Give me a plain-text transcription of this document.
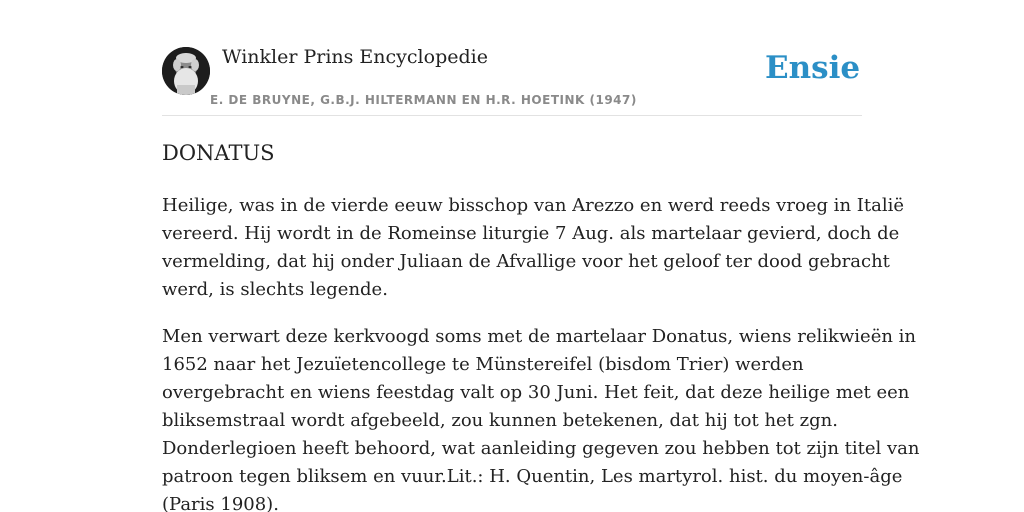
Winkler Prins Encyclopedie
E. DE BRUYNE, G.B.J. HILTERMANN EN H.R. HOETINK (1947)
Ensie
DONATUS

Heilige, was in de vierde eeuw bisschop van Arezzo en werd reeds vroeg in Italië
vereerd. Hij wordt in de Romeinse liturgie 7 Aug. als martelaar gevierd, doch de
vermelding, dat hij onder Juliaan de Afvallige voor het geloof ter dood gebracht
werd, is slechts legende.

Men verwart deze kerkvoogd soms met de martelaar Donatus, wiens relikwieën in
1652 naar het Jezuïetencollege te Münstereifel (bisdom Trier) werden
overgebracht en wiens feestdag valt op 30 Juni. Het feit, dat deze heilige met een
bliksemstraal wordt afgebeeld, zou kunnen betekenen, dat hij tot het zgn.
Donderlegioen heeft behoord, wat aanleiding gegeven zou hebben tot zijn titel van
patroon tegen bliksem en vuur.Lit.: H. Quentin, Les martyrol. hist. du moyen-âge
(Paris 1908).
